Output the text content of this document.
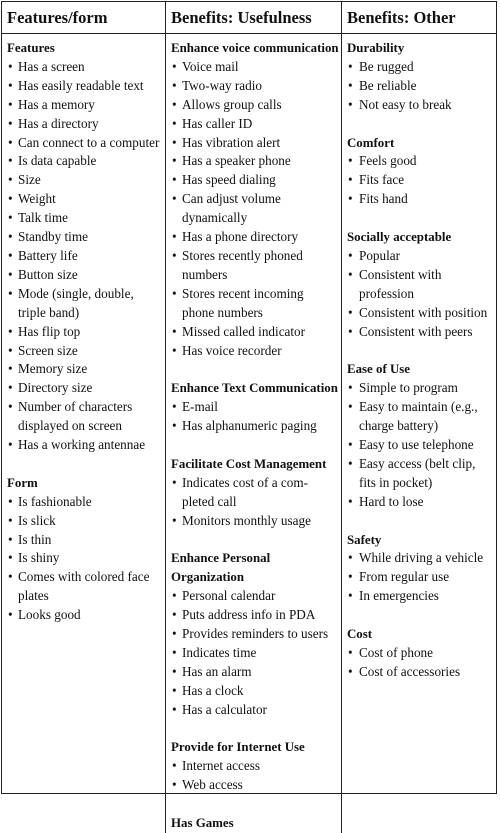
Features/form	Benefits: Usefulness	Benefits: Other
Features
• Has a screen
• Has easily readable text
• Has a memory
• Has a directory
• Can connect to a computer
• Is data capable
• Size
• Weight
• Talk time
• Standby time
• Battery life
• Button size
• Mode (single, double, triple band)
• Has flip top
• Screen size
• Memory size
• Directory size
• Number of characters displayed on screen
• Has a working antennae
Form
• Is fashionable
• Is slick
• Is thin
• Is shiny
• Comes with colored face plates
• Looks good
Enhance voice communication
• Voice mail
• Two-way radio
• Allows group calls
• Has caller ID
• Has vibration alert
• Has a speaker phone
• Has speed dialing
• Can adjust volume dynamically
• Has a phone directory
• Stores recently phoned numbers
• Stores recent incoming phone numbers
• Missed called indicator
• Has voice recorder
Enhance Text Communication
• E-mail
• Has alphanumeric paging
Facilitate Cost Management
• Indicates cost of a com-pleted call
• Monitors monthly usage
Enhance Personal Organization
• Personal calendar
• Puts address info in PDA
• Provides reminders to users
• Indicates time
• Has an alarm
• Has a clock
• Has a calculator
Provide for Internet Use
• Internet access
• Web access
Has Games
Durability
• Be rugged
• Be reliable
• Not easy to break
Comfort
• Feels good
• Fits face
• Fits hand
Socially acceptable
• Popular
• Consistent with profession
• Consistent with position
• Consistent with peers
Ease of Use
• Simple to program
• Easy to maintain (e.g., charge battery)
• Easy to use telephone
• Easy access (belt clip, fits in pocket)
• Hard to lose
Safety
• While driving a vehicle
• From regular use
• In emergencies
Cost
• Cost of phone
• Cost of accessories
